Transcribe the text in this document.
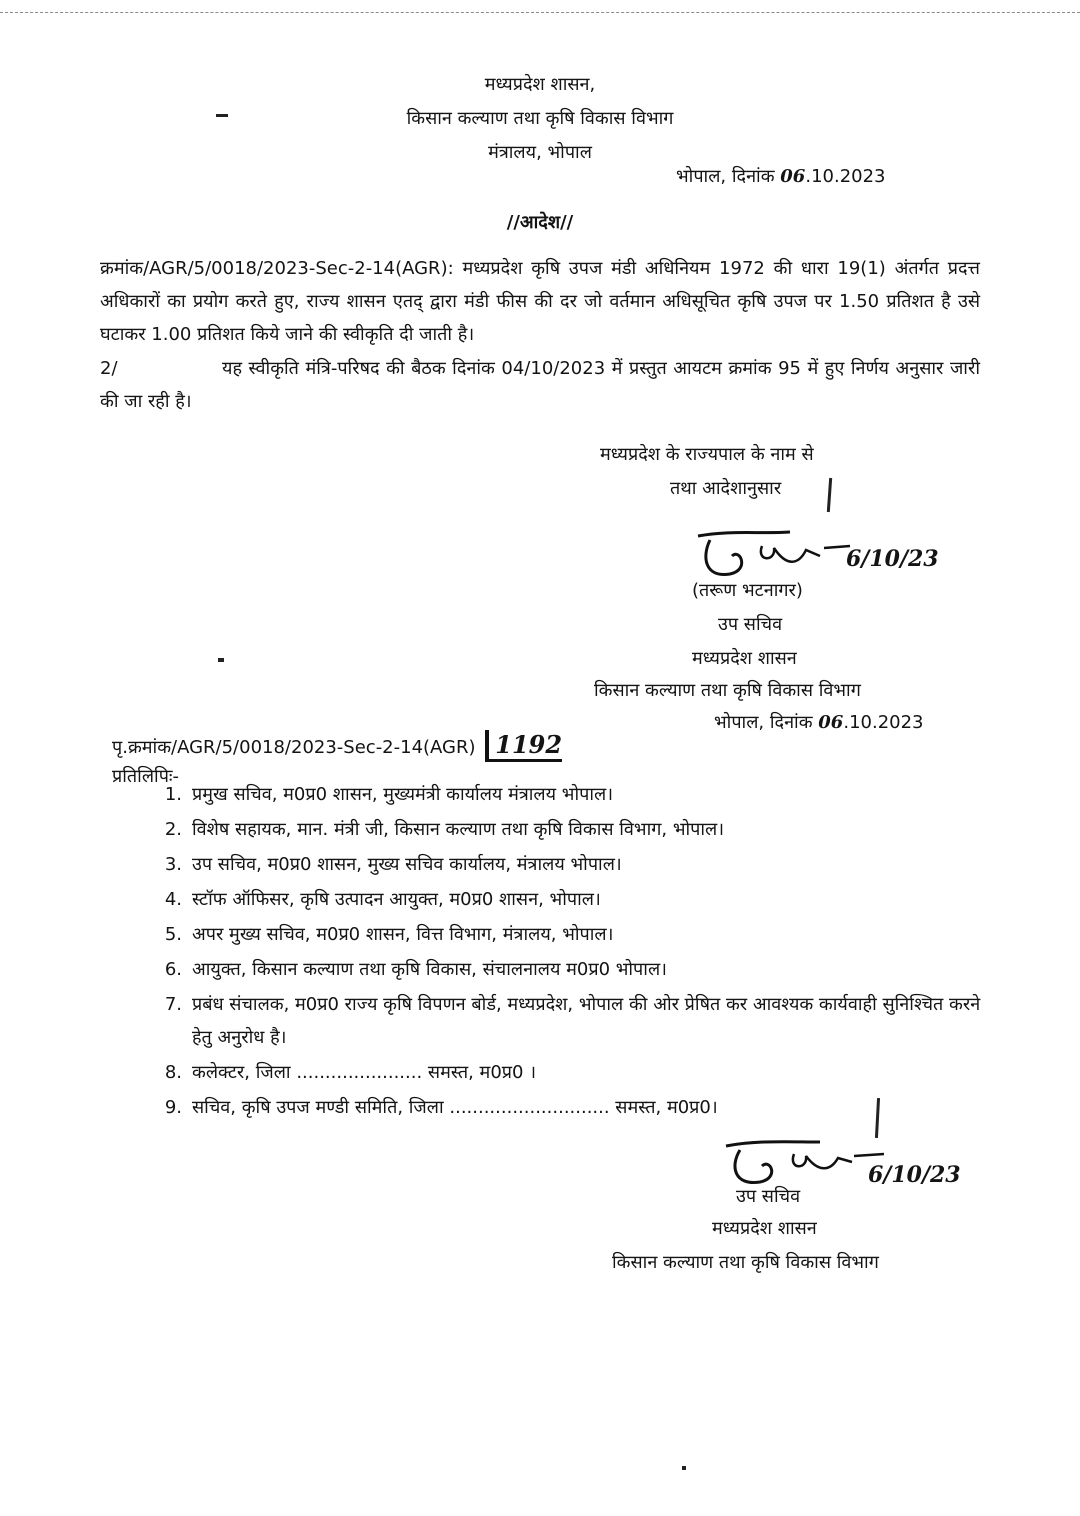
मध्यप्रदेश शासन,
किसान कल्याण तथा कृषि विकास विभाग
मंत्रालय, भोपाल
भोपाल, दिनांक 06.10.2023
//आदेश//
क्रमांक/AGR/5/0018/2023-Sec-2-14(AGR): मध्यप्रदेश कृषि उपज मंडी अधिनियम 1972 की धारा 19(1) अंतर्गत प्रदत्त अधिकारों का प्रयोग करते हुए, राज्य शासन एतद् द्वारा मंडी फीस की दर जो वर्तमान अधिसूचित कृषि उपज पर 1.50 प्रतिशत है उसे घटाकर 1.00 प्रतिशत किये जाने की स्वीकृति दी जाती है।
2/	यह स्वीकृति मंत्रि-परिषद की बैठक दिनांक 04/10/2023 में प्रस्तुत आयटम क्रमांक 95 में हुए निर्णय अनुसार जारी की जा रही है।
मध्यप्रदेश के राज्यपाल के नाम से
तथा आदेशानुसार
6/10/23
(तरूण भटनागर)
उप सचिव
मध्यप्रदेश शासन
किसान कल्याण तथा कृषि विकास विभाग
भोपाल, दिनांक 06.10.2023
पृ.क्रमांक/AGR/5/0018/2023-Sec-2-14(AGR) 1192
प्रतिलिपिः-
1. प्रमुख सचिव, म0प्र0 शासन, मुख्यमंत्री कार्यालय मंत्रालय भोपाल।
2. विशेष सहायक, मान. मंत्री जी, किसान कल्याण तथा कृषि विकास विभाग, भोपाल।
3. उप सचिव, म0प्र0 शासन, मुख्य सचिव कार्यालय, मंत्रालय भोपाल।
4. स्टॉफ ऑफिसर, कृषि उत्पादन आयुक्त, म0प्र0 शासन, भोपाल।
5. अपर मुख्य सचिव, म0प्र0 शासन, वित्त विभाग, मंत्रालय, भोपाल।
6. आयुक्त, किसान कल्याण तथा कृषि विकास, संचालनालय म0प्र0 भोपाल।
7. प्रबंध संचालक, म0प्र0 राज्य कृषि विपणन बोर्ड, मध्यप्रदेश, भोपाल की ओर प्रेषित कर आवश्यक कार्यवाही सुनिश्चित करने हेतु अनुरोध है।
8. कलेक्टर, जिला ...................... समस्त, म0प्र0 ।
9. सचिव, कृषि उपज मण्डी समिति, जिला ............................ समस्त, म0प्र0।
6/10/23
उप सचिव
मध्यप्रदेश शासन
किसान कल्याण तथा कृषि विकास विभाग
